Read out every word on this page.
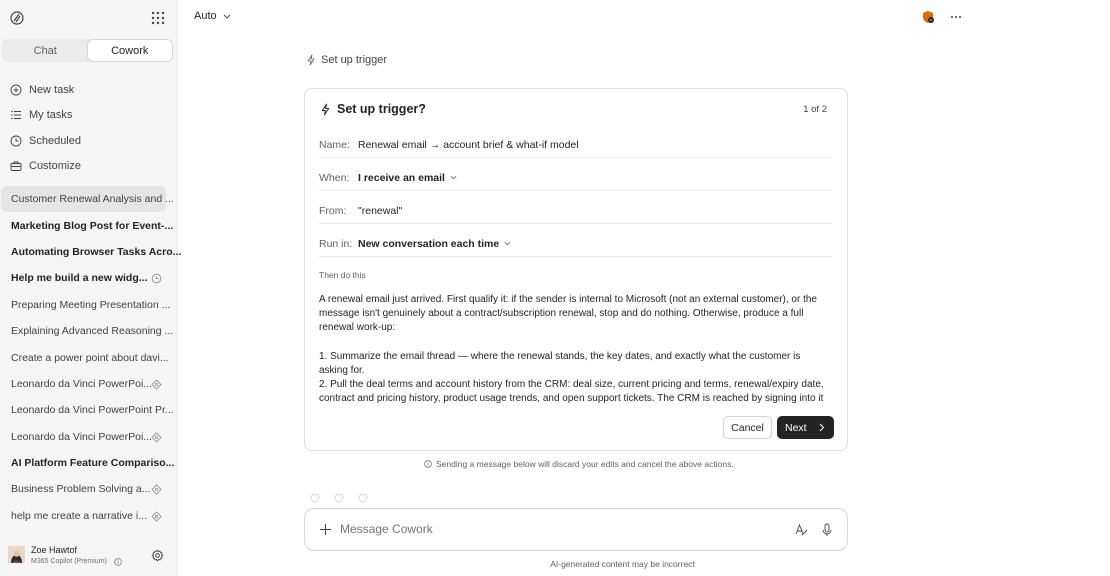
Chat	Cowork
New task
My tasks
Scheduled
Customize
Customer Renewal Analysis and ...
Marketing Blog Post for Event-...
Automating Browser Tasks Acro...
Help me build a new widg...
Preparing Meeting Presentation ...
Explaining Advanced Reasoning ...
Create a power point about davi...
Leonardo da Vinci PowerPoi...
Leonardo da Vinci PowerPoint Pr...
Leonardo da Vinci PowerPoi...
AI Platform Feature Compariso...
Business Problem Solving a...
help me create a narrative i...
Zoe Hawtof
M365 Copilot (Premium)
Auto
Set up trigger
Set up trigger?	1 of 2
Name: Renewal email → account brief & what-if model
When: I receive an email
From:	"renewal"
Run in: New conversation each time
Then do this

A renewal email just arrived. First qualify it: if the sender is internal to Microsoft (not an external customer), or the message isn't genuinely about a contract/subscription renewal, stop and do nothing. Otherwise, produce a full renewal work-up:

1. Summarize the email thread — where the renewal stands, the key dates, and exactly what the customer is asking for.

2. Pull the deal terms and account history from the CRM: deal size, current pricing and terms, renewal/expiry date, contract and pricing history, product usage trends, and open support tickets. The CRM is reached by signing into it

Cancel	Next
Sending a message below will discard your edits and cancel the above actions.
Message Cowork
AI-generated content may be incorrect
